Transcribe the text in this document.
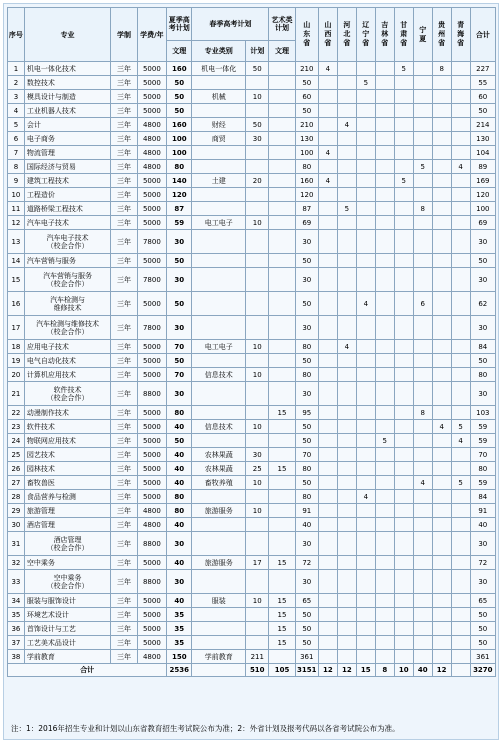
序号	专业	学制	学费/年	夏季高考计划	春季高考计划		艺术类计划	山东省	山西省	河北省	辽宁省	吉林省	甘肃省	宁夏	贵州省	青海省	合计
				文理	专业类别	计划	文理										
1	机电一体化技术	三年	5000	160	机电一体化	50		210	4				5		8		227
2	数控技术	三年	5000	50				50			5						55
3	模具设计与制造	三年	5000	50	机械	10		60									60
4	工业机器人技术	三年	5000	50				50									50
5	会计	三年	4800	160	财经	50		210		4							214
6	电子商务	三年	4800	100	商贸	30		130									130
7	物流管理	三年	4800	100				100	4								104
8	国际经济与贸易	三年	4800	80				80						5		4	89
9	建筑工程技术	三年	5000	140	土建	20		160	4				5				169
10	工程造价	三年	5000	120				120									120
11	道路桥梁工程技术	三年	5000	87				87		5				8			100
12	汽车电子技术	三年	5000	59	电工电子	10		69									69
13	汽车电子技术
（校企合作）	三年	7800	30				30									30
14	汽车营销与服务	三年	5000	50				50									50
15	汽车营销与服务
（校企合作）	三年	7800	30				30									30
16	汽车检测与
维修技术	三年	5000	50				50			4			6			62
17	汽车检测与维修技术
（校企合作）	三年	7800	30				30									30
18	应用电子技术	三年	5000	70	电工电子	10		80		4							84
19	电气自动化技术	三年	5000	50				50									50
20	计算机应用技术	三年	5000	70	信息技术	10		80									80
21	软件技术
（校企合作）	三年	8800	30				30									30
22	动漫制作技术	三年	5000	80			15	95						8			103
23	软件技术	三年	5000	40	信息技术	10		50							4	5	59
24	物联网应用技术	三年	5000	50				50				5				4	59
25	园艺技术	三年	5000	40	农林果蔬	30		70									70
26	园林技术	三年	5000	40	农林果蔬	25	15	80									80
27	畜牧兽医	三年	5000	40	畜牧养殖	10		50						4		5	59
28	食品营养与检测	三年	5000	80				80			4						84
29	旅游管理	三年	4800	80	旅游服务	10		91									91
30	酒店管理	三年	4800	40				40									40
31	酒店管理
（校企合作）	三年	8800	30				30									30
32	空中乘务	三年	5000	40	旅游服务	17	15	72									72
33	空中乘务
（校企合作）	三年	8800	30				30									30
34	服装与服饰设计	三年	5000	40	服装	10	15	65									65
35	环境艺术设计	三年	5000	35			15	50									50
36	首饰设计与工艺	三年	5000	35			15	50									50
37	工艺美术品设计	三年	5000	35			15	50									50
38	学前教育	三年	4800	150	学前教育	211		361									361
合计				2536		510	105	3151	12	12	15	8	10	40	12		3270
注：1：2016年招生专业和计划以山东省教育招生考试院公布为准；2：外省计划及报考代码以各省考试院公布为准。
